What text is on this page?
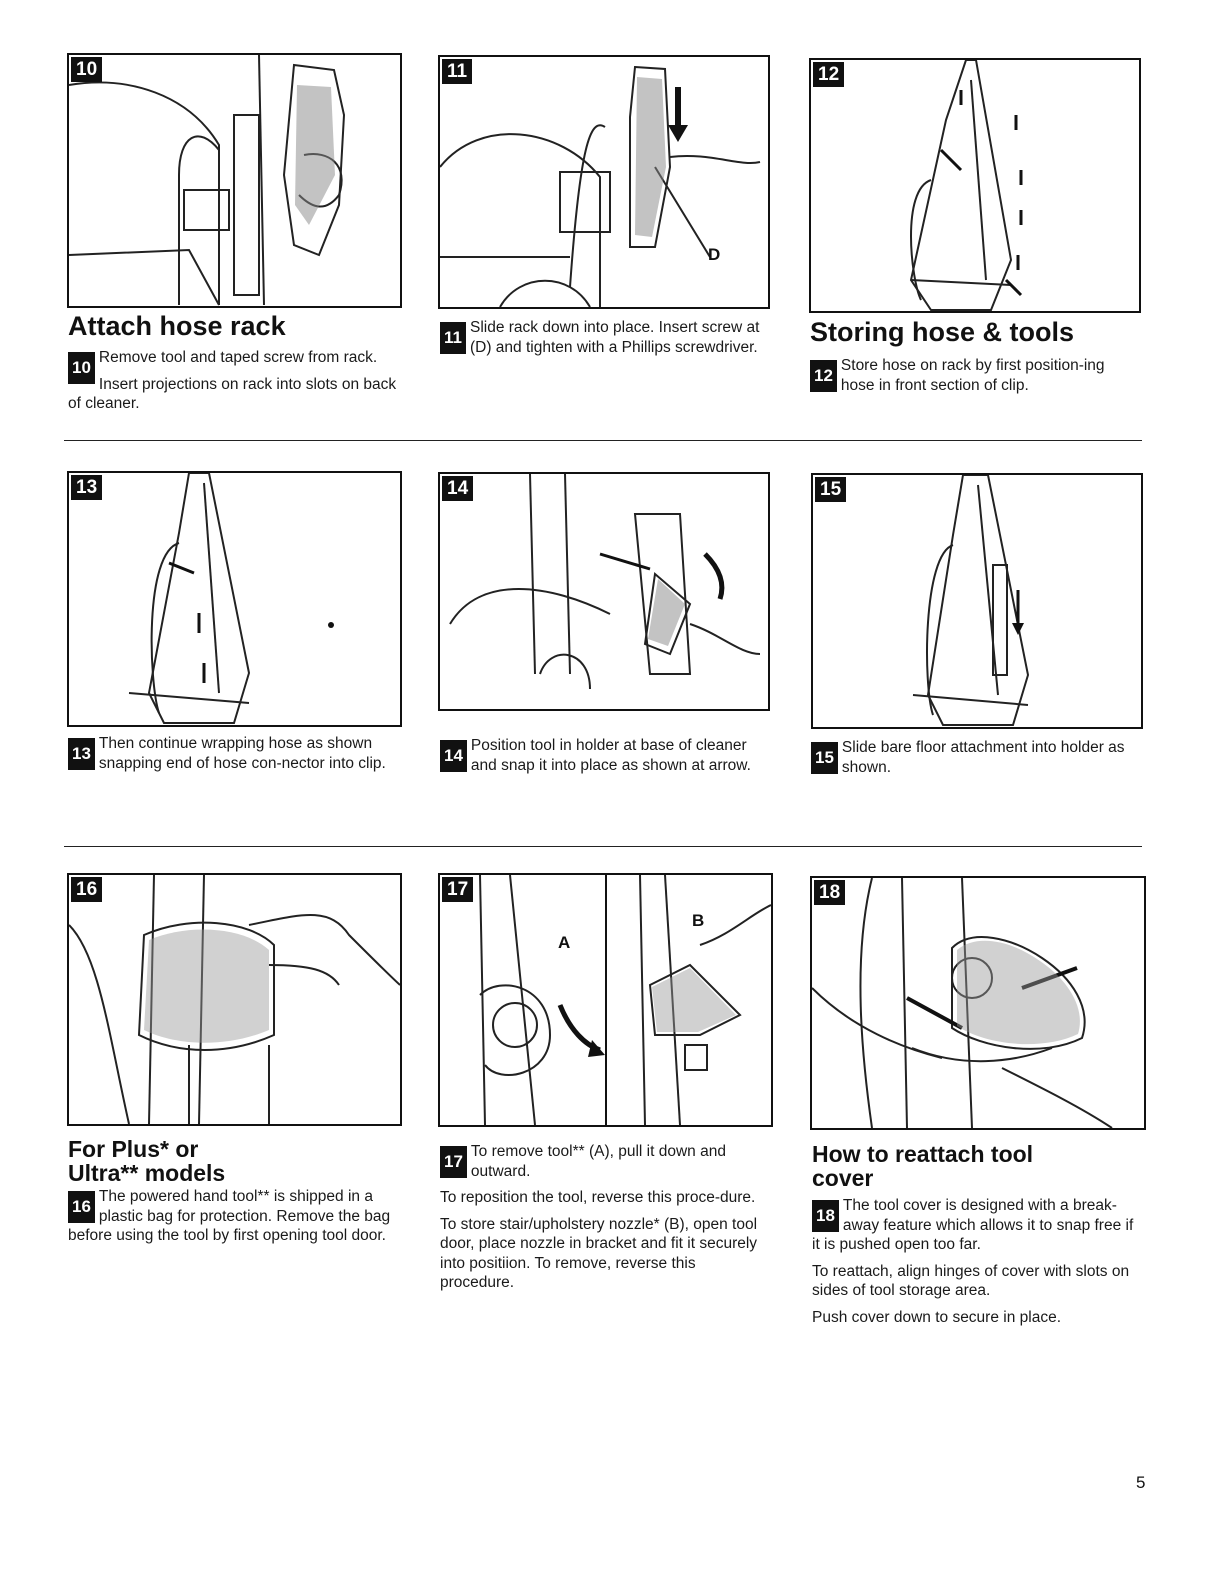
10
Attach hose rack

10
Remove tool and taped screw from rack.

Insert projections on rack into slots on back of cleaner.

11
D

11
Slide rack down into place. Insert screw at (D) and tighten with a Phillips screwdriver.

12
Storing hose & tools

12
Store hose on rack by first position-ing hose in front section of clip.

13

13
Then continue wrapping hose as shown snapping end of hose con-nector into clip.

14

14
Position tool in holder at base of cleaner and snap it into place as shown at arrow.

15

15
Slide bare floor attachment into holder as shown.

16
For Plus* or
Ultra** models

16
The powered hand tool** is shipped in a plastic bag for protection. Remove the bag before using the tool by first opening tool door.

17
A
B

17
To remove tool** (A), pull it down and outward.

To reposition the tool, reverse this proce-dure.

To store stair/upholstery nozzle* (B), open tool door, place nozzle in bracket and fit it securely into positiion. To remove, reverse this procedure.

18
How to reattach tool
cover

18
The tool cover is designed with a break-away feature which allows it to snap free if it is pushed open too far.

To reattach, align hinges of cover with slots on sides of tool storage area.

Push cover down to secure in place.

5
